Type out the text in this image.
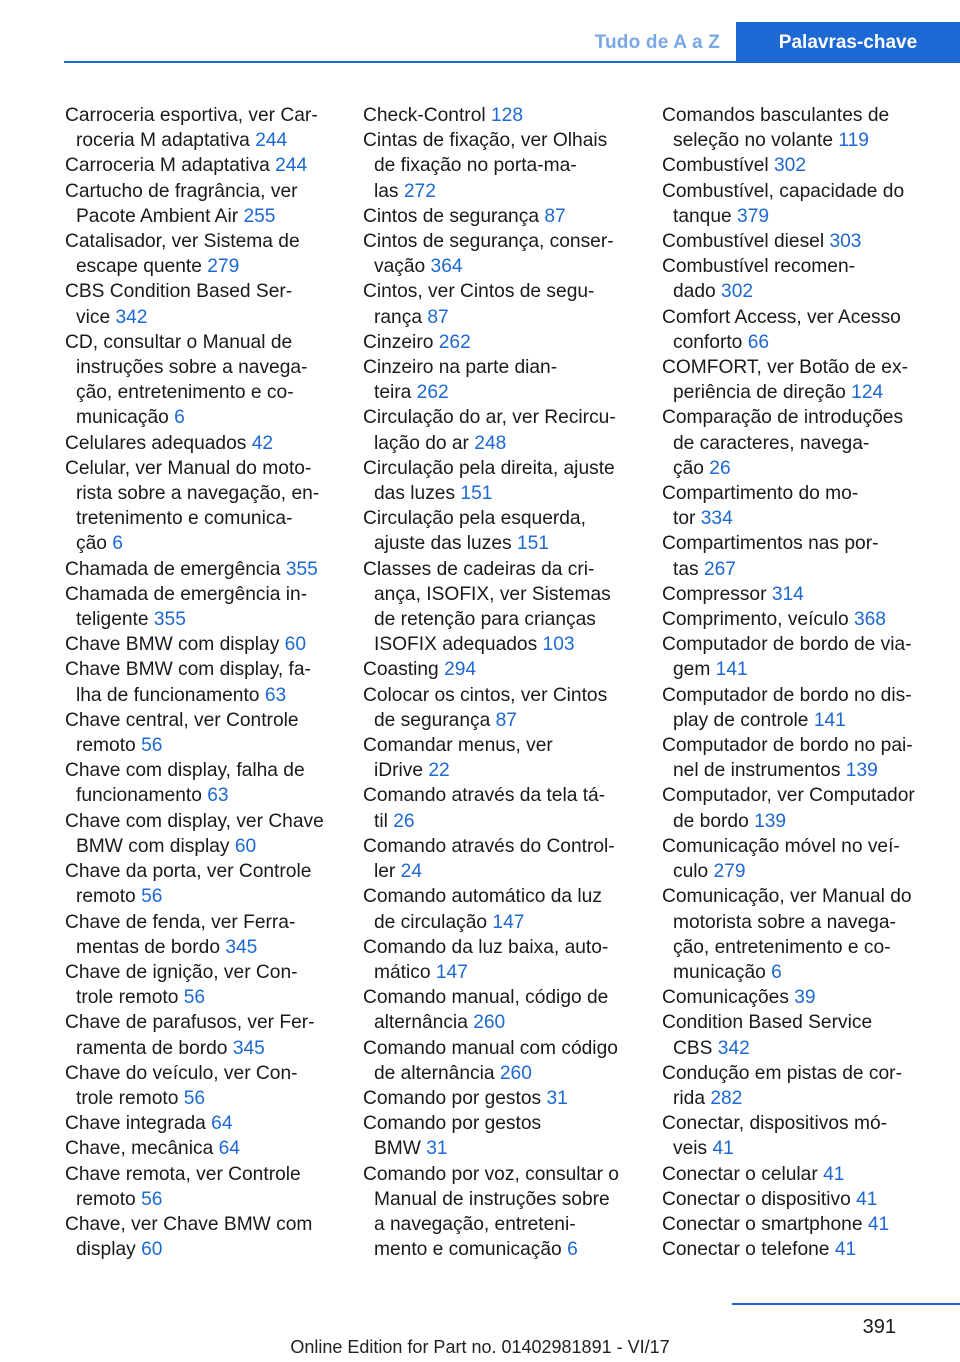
Tudo de A a Z	Palavras-chave
Carroceria esportiva, ver Car-
roceria M adaptativa 244
Carroceria M adaptativa 244
Cartucho de fragrância, ver
Pacote Ambient Air 255
Catalisador, ver Sistema de
escape quente 279
CBS Condition Based Ser-
vice 342
CD, consultar o Manual de
instruções sobre a navega-
ção, entretenimento e co-
municação 6
Celulares adequados 42
Celular, ver Manual do moto-
rista sobre a navegação, en-
tretenimento e comunica-
ção 6
Chamada de emergência 355
Chamada de emergência in-
teligente 355
Chave BMW com display 60
Chave BMW com display, fa-
lha de funcionamento 63
Chave central, ver Controle
remoto 56
Chave com display, falha de
funcionamento 63
Chave com display, ver Chave
BMW com display 60
Chave da porta, ver Controle
remoto 56
Chave de fenda, ver Ferra-
mentas de bordo 345
Chave de ignição, ver Con-
trole remoto 56
Chave de parafusos, ver Fer-
ramenta de bordo 345
Chave do veículo, ver Con-
trole remoto 56
Chave integrada 64
Chave, mecânica 64
Chave remota, ver Controle
remoto 56
Chave, ver Chave BMW com
display 60
Check-Control 128
Cintas de fixação, ver Olhais
de fixação no porta-ma-
las 272
Cintos de segurança 87
Cintos de segurança, conser-
vação 364
Cintos, ver Cintos de segu-
rança 87
Cinzeiro 262
Cinzeiro na parte dian-
teira 262
Circulação do ar, ver Recircu-
lação do ar 248
Circulação pela direita, ajuste
das luzes 151
Circulação pela esquerda,
ajuste das luzes 151
Classes de cadeiras da cri-
ança, ISOFIX, ver Sistemas
de retenção para crianças
ISOFIX adequados 103
Coasting 294
Colocar os cintos, ver Cintos
de segurança 87
Comandar menus, ver
iDrive 22
Comando através da tela tá-
til 26
Comando através do Control-
ler 24
Comando automático da luz
de circulação 147
Comando da luz baixa, auto-
mático 147
Comando manual, código de
alternância 260
Comando manual com código
de alternância 260
Comando por gestos 31
Comando por gestos
BMW 31
Comando por voz, consultar o
Manual de instruções sobre
a navegação, entreteni-
mento e comunicação 6
Comandos basculantes de
seleção no volante 119
Combustível 302
Combustível, capacidade do
tanque 379
Combustível diesel 303
Combustível recomen-
dado 302
Comfort Access, ver Acesso
conforto 66
COMFORT, ver Botão de ex-
periência de direção 124
Comparação de introduções
de caracteres, navega-
ção 26
Compartimento do mo-
tor 334
Compartimentos nas por-
tas 267
Compressor 314
Comprimento, veículo 368
Computador de bordo de via-
gem 141
Computador de bordo no dis-
play de controle 141
Computador de bordo no pai-
nel de instrumentos 139
Computador, ver Computador
de bordo 139
Comunicação móvel no veí-
culo 279
Comunicação, ver Manual do
motorista sobre a navega-
ção, entretenimento e co-
municação 6
Comunicações 39
Condition Based Service
CBS 342
Condução em pistas de cor-
rida 282
Conectar, dispositivos mó-
veis 41
Conectar o celular 41
Conectar o dispositivo 41
Conectar o smartphone 41
Conectar o telefone 41
391
Online Edition for Part no. 01402981891 - VI/17
